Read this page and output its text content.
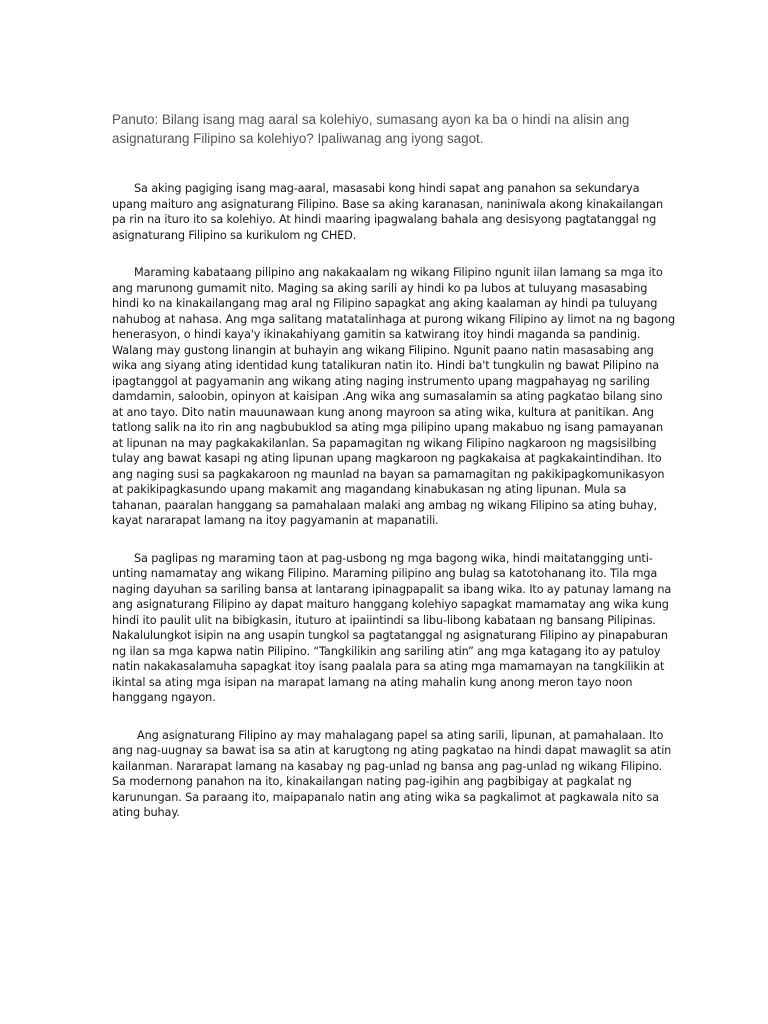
Panuto: Bilang isang mag aaral sa kolehiyo, sumasang ayon ka ba o hindi na alisin ang asignaturang Filipino sa kolehiyo? Ipaliwanag ang iyong sagot.

Sa aking pagiging isang mag-aaral, masasabi kong hindi sapat ang panahon sa sekundarya upang maituro ang asignaturang Filipino. Base sa aking karanasan, naniniwala akong kinakailangan pa rin na ituro ito sa kolehiyo. At hindi maaring ipagwalang bahala ang desisyong pagtatanggal ng asignaturang Filipino sa kurikulom ng CHED.

Maraming kabataang pilipino ang nakakaalam ng wikang Filipino ngunit iilan lamang sa mga ito ang marunong gumamit nito. Maging sa aking sarili ay hindi ko pa lubos at tuluyang masasabing hindi ko na kinakailangang mag aral ng Filipino sapagkat ang aking kaalaman ay hindi pa tuluyang nahubog at nahasa. Ang mga salitang matatalinhaga at purong wikang Filipino ay limot na ng bagong henerasyon, o hindi kaya'y ikinakahiyang gamitin sa katwirang itoy hindi maganda sa pandinig. Walang may gustong linangin at buhayin ang wikang Filipino. Ngunit paano natin masasabing ang wika ang siyang ating identidad kung tatalikuran natin ito. Hindi ba't tungkulin ng bawat Pilipino na ipagtanggol at pagyamanin ang wikang ating naging instrumento upang magpahayag ng sariling damdamin, saloobin, opinyon at kaisipan .Ang wika ang sumasalamin sa ating pagkatao bilang sino at ano tayo. Dito natin mauunawaan kung anong mayroon sa ating wika, kultura at panitikan. Ang tatlong salik na ito rin ang nagbubuklod sa ating mga pilipino upang makabuo ng isang pamayanan at lipunan na may pagkakakilanlan. Sa papamagitan ng wikang Filipino nagkaroon ng magsisilbing tulay ang bawat kasapi ng ating lipunan upang magkaroon ng pagkakaisa at pagkakaintindihan. Ito ang naging susi sa pagkakaroon ng maunlad na bayan sa pamamagitan ng pakikipagkomunikasyon at pakikipagkasundo upang makamit ang magandang kinabukasan ng ating lipunan. Mula sa tahanan, paaralan hanggang sa pamahalaan malaki ang ambag ng wikang Filipino sa ating buhay, kayat nararapat lamang na itoy pagyamanin at mapanatili.

Sa paglipas ng maraming taon at pag-usbong ng mga bagong wika, hindi maitatangging unti-unting namamatay ang wikang Filipino. Maraming pilipino ang bulag sa katotohanang ito. Tila mga naging dayuhan sa sariling bansa at lantarang ipinagpapalit sa ibang wika. Ito ay patunay lamang na ang asignaturang Filipino ay dapat maituro hanggang kolehiyo sapagkat mamamatay ang wika kung hindi ito paulit ulit na bibigkasin, ituturo at ipaiintindi sa libu-libong kabataan ng bansang Pilipinas. Nakalulungkot isipin na ang usapin tungkol sa pagtatanggal ng asignaturang Filipino ay pinapaburan ng ilan sa mga kapwa natin Pilipino. “Tangkilikin ang sariling atin” ang mga katagang ito ay patuloy natin nakakasalamuha sapagkat itoy isang paalala para sa ating mga mamamayan na tangkilikin at ikintal sa ating mga isipan na marapat lamang na ating mahalin kung anong meron tayo noon hanggang ngayon.

Ang asignaturang Filipino ay may mahalagang papel sa ating sarili, lipunan, at pamahalaan. Ito ang nag-uugnay sa bawat isa sa atin at karugtong ng ating pagkatao na hindi dapat mawaglit sa atin kailanman. Nararapat lamang na kasabay ng pag-unlad ng bansa ang pag-unlad ng wikang Filipino. Sa modernong panahon na ito, kinakailangan nating pag-igihin ang pagbibigay at pagkalat ng karunungan. Sa paraang ito, maipapanalo natin ang ating wika sa pagkalimot at pagkawala nito sa ating buhay.
